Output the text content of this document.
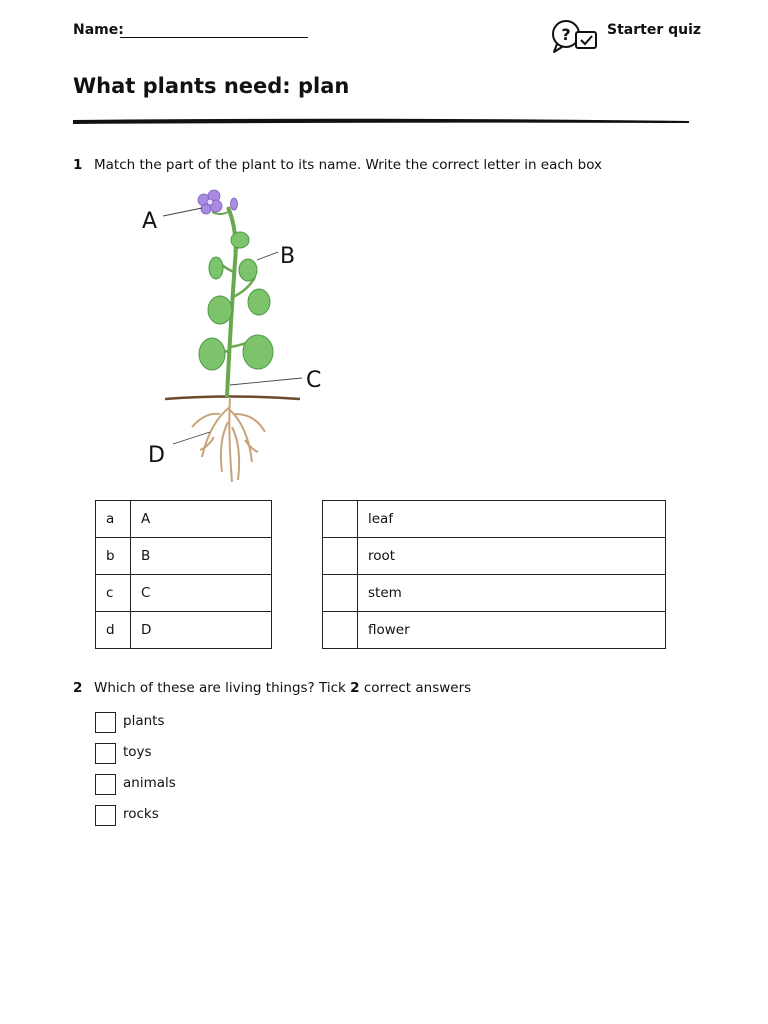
Name:	?	Starter quiz
What plants need: plan
1 Match the part of the plant to its name. Write the correct letter in each box
A
B
C
D
a	A
b	B
c	C
d	D
	leaf
	root
	stem
	flower
2 Which of these are living things? Tick 2 correct answers
plants
toys
animals
rocks
